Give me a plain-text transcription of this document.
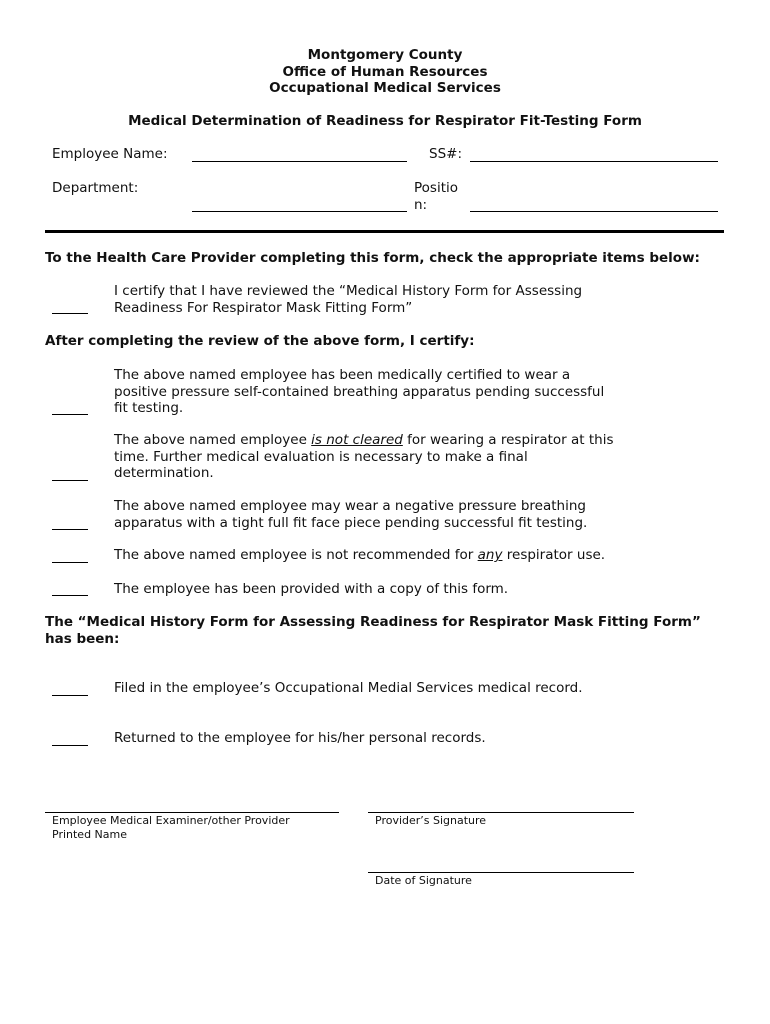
Montgomery County
Office of Human Resources
Occupational Medical Services
Medical Determination of Readiness for Respirator Fit-Testing Form
Employee Name:	SS#:
Department:	Positio
n:
To the Health Care Provider completing this form, check the appropriate items below:
I certify that I have reviewed the “Medical History Form for Assessing
Readiness For Respirator Mask Fitting Form”
After completing the review of the above form, I certify:
The above named employee has been medically certified to wear a
positive pressure self-contained breathing apparatus pending successful
fit testing.
The above named employee is not cleared for wearing a respirator at this
time. Further medical evaluation is necessary to make a final
determination.
The above named employee may wear a negative pressure breathing
apparatus with a tight full fit face piece pending successful fit testing.
The above named employee is not recommended for any respirator use.
The employee has been provided with a copy of this form.
The “Medical History Form for Assessing Readiness for Respirator Mask Fitting Form”
has been:
Filed in the employee’s Occupational Medial Services medical record.
Returned to the employee for his/her personal records.
Employee Medical Examiner/other Provider
Printed Name
Provider’s Signature
Date of Signature
